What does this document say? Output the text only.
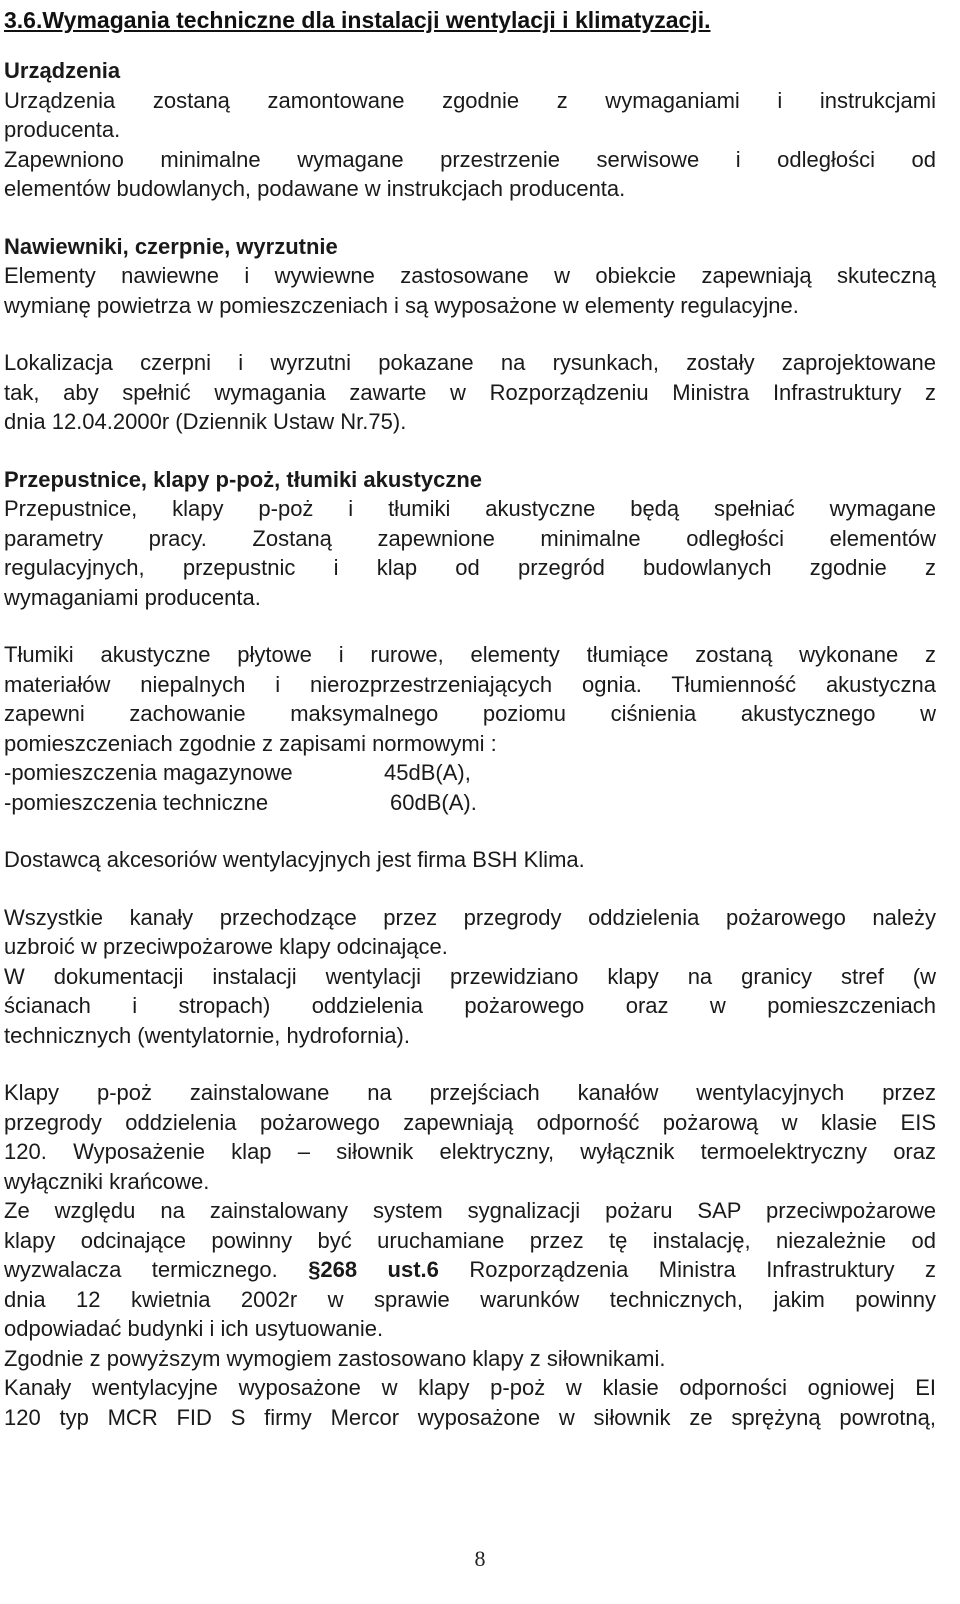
3.6.Wymagania techniczne dla instalacji wentylacji i klimatyzacji.
Urządzenia
Urządzenia zostaną zamontowane zgodnie z wymaganiami i instrukcjami
producenta.
Zapewniono minimalne wymagane przestrzenie serwisowe i odległości od
elementów budowlanych, podawane w instrukcjach producenta.
Nawiewniki, czerpnie, wyrzutnie
Elementy nawiewne i wywiewne zastosowane w obiekcie zapewniają skuteczną
wymianę powietrza w pomieszczeniach i są wyposażone w elementy regulacyjne.
Lokalizacja czerpni i wyrzutni pokazane na rysunkach, zostały zaprojektowane
tak, aby spełnić wymagania zawarte w Rozporządzeniu Ministra Infrastruktury z
dnia 12.04.2000r (Dziennik Ustaw Nr.75).
Przepustnice, klapy p-poż, tłumiki akustyczne
Przepustnice, klapy p-poż i tłumiki akustyczne będą spełniać wymagane
parametry pracy. Zostaną zapewnione minimalne odległości elementów
regulacyjnych, przepustnic i klap od przegród budowlanych zgodnie z
wymaganiami producenta.
Tłumiki akustyczne płytowe i rurowe, elementy tłumiące zostaną wykonane z
materiałów niepalnych i nierozprzestrzeniających ognia. Tłumienność akustyczna
zapewni zachowanie maksymalnego poziomu ciśnienia akustycznego w
pomieszczeniach zgodnie z zapisami normowymi :
-pomieszczenia magazynowe	45dB(A),
-pomieszczenia techniczne	60dB(A).
Dostawcą akcesoriów wentylacyjnych jest firma BSH Klima.
Wszystkie kanały przechodzące przez przegrody oddzielenia pożarowego należy
uzbroić w przeciwpożarowe klapy odcinające.
W dokumentacji instalacji wentylacji przewidziano klapy na granicy stref (w
ścianach i stropach) oddzielenia pożarowego oraz w pomieszczeniach
technicznych (wentylatornie, hydrofornia).
Klapy p-poż zainstalowane na przejściach kanałów wentylacyjnych przez
przegrody oddzielenia pożarowego zapewniają odporność pożarową w klasie EIS
120. Wyposażenie klap – siłownik elektryczny, wyłącznik termoelektryczny oraz
wyłączniki krańcowe.
Ze względu na zainstalowany system sygnalizacji pożaru SAP przeciwpożarowe
klapy odcinające powinny być uruchamiane przez tę instalację, niezależnie od
wyzwalacza termicznego. §268 ust.6 Rozporządzenia Ministra Infrastruktury z
dnia 12 kwietnia 2002r w sprawie warunków technicznych, jakim powinny
odpowiadać budynki i ich usytuowanie.
Zgodnie z powyższym wymogiem zastosowano klapy z siłownikami.
Kanały wentylacyjne wyposażone w klapy p-poż w klasie odporności ogniowej EI
120 typ MCR FID S firmy Mercor wyposażone w siłownik ze sprężyną powrotną,
8
